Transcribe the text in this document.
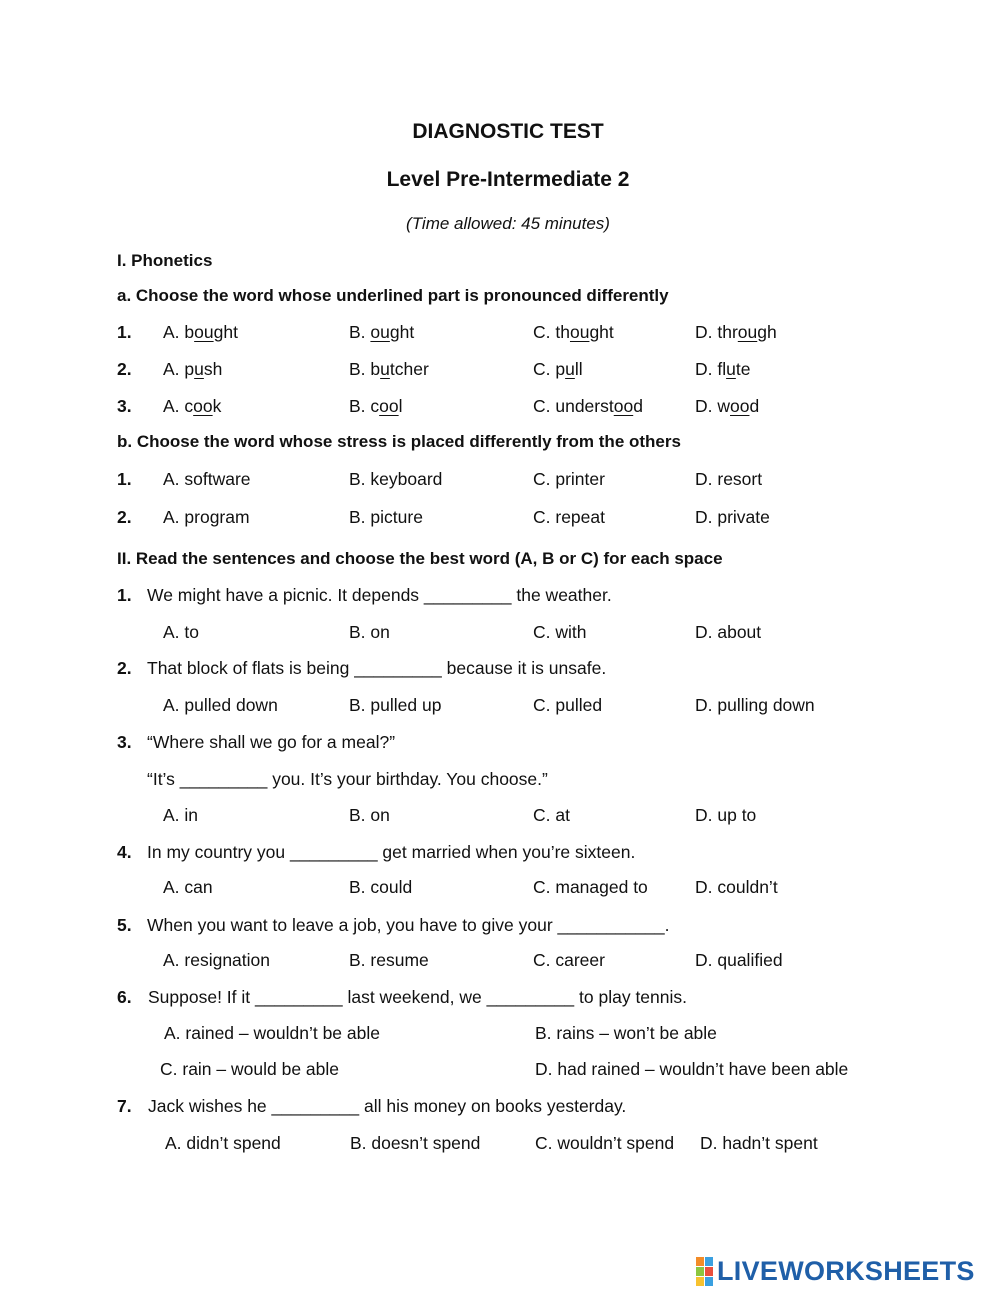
DIAGNOSTIC TEST
Level Pre-Intermediate 2
(Time allowed: 45 minutes)
I. Phonetics
a. Choose the word whose underlined part is pronounced differently
1. A. bought	B. ought	C. thought	D. through
2. A. push	B. butcher	C. pull	D. flute
3. A. cook	B. cool	C. understood	D. wood
b. Choose the word whose stress is placed differently from the others
1. A. software	B. keyboard	C. printer	D. resort
2. A. program	B. picture	C. repeat	D. private
II. Read the sentences and choose the best word (A, B or C) for each space
1. We might have a picnic. It depends _________ the weather.
A. to	B. on	C. with	D. about
2. That block of flats is being _________ because it is unsafe.
A. pulled down	B. pulled up	C. pulled	D. pulling down
3. “Where shall we go for a meal?”
“It’s _________ you. It’s your birthday. You choose.”
A. in	B. on	C. at	D. up to
4. In my country you _________ get married when you’re sixteen.
A. can	B. could	C. managed to	D. couldn’t
5. When you want to leave a job, you have to give your ___________.
A. resignation	B. resume	C. career	D. qualified
6. Suppose! If it _________ last weekend, we _________ to play tennis.
A. rained – wouldn’t be able	B. rains – won’t be able
C. rain – would be able	D. had rained – wouldn’t have been able
7. Jack wishes he _________ all his money on books yesterday.
A. didn’t spend	B. doesn’t spend	C. wouldn’t spend D. hadn’t spent
LIVEWORKSHEETS
